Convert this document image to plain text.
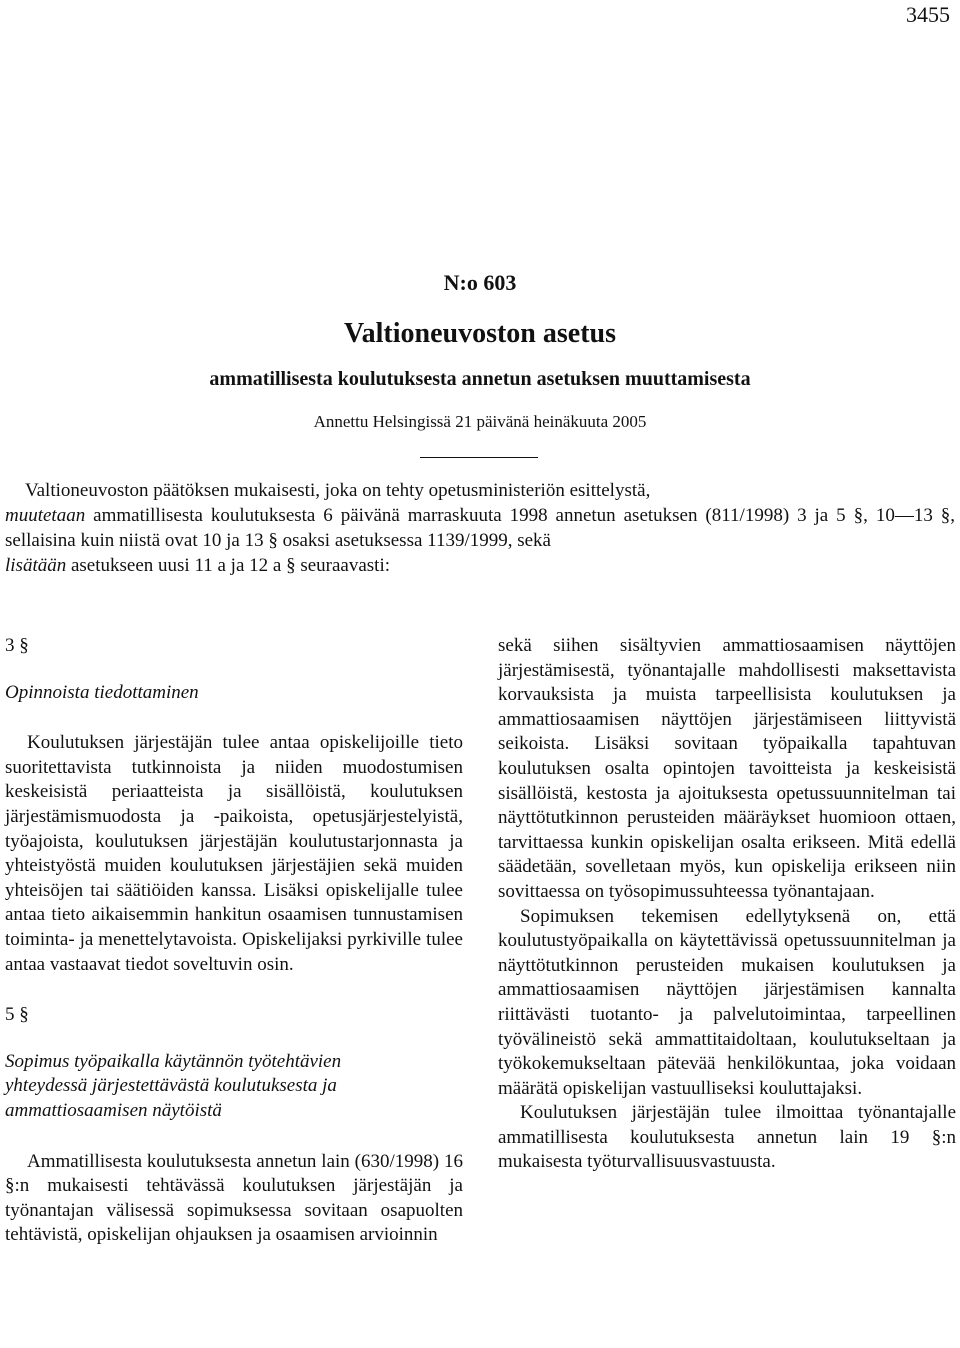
3455
N:o 603
Valtioneuvoston asetus
ammatillisesta koulutuksesta annetun asetuksen muuttamisesta
Annettu Helsingissä 21 päivänä heinäkuuta 2005

Valtioneuvoston päätöksen mukaisesti, joka on tehty opetusministeriön esittelystä,

muutetaan ammatillisesta koulutuksesta 6 päivänä marraskuuta 1998 annetun asetuksen (811/1998) 3 ja 5 §, 10—13 §, sellaisina kuin niistä ovat 10 ja 13 § osaksi asetuksessa 1139/1999, sekä

lisätään asetukseen uusi 11 a ja 12 a § seuraavasti:

3 §

Opinnoista tiedottaminen

Koulutuksen järjestäjän tulee antaa opiskelijoille tieto suoritettavista tutkinnoista ja niiden muodostumisen keskeisistä periaatteista ja sisällöistä, koulutuksen järjestämismuodosta ja -paikoista, opetusjärjestelyistä, työajoista, koulutuksen järjestäjän koulutustarjonnasta ja yhteistyöstä muiden koulutuksen järjestäjien sekä muiden yhteisöjen tai säätiöiden kanssa. Lisäksi opiskelijalle tulee antaa tieto aikaisemmin hankitun osaamisen tunnustamisen toiminta- ja menettelytavoista. Opiskelijaksi pyrkiville tulee antaa vastaavat tiedot soveltuvin osin.

5 §

Sopimus työpaikalla käytännön työtehtävien

yhteydessä järjestettävästä koulutuksesta ja

ammattiosaamisen näytöistä

Ammatillisesta koulutuksesta annetun lain (630/1998) 16 §:n mukaisesti tehtävässä koulutuksen järjestäjän ja työnantajan välisessä sopimuksessa sovitaan osapuolten tehtävistä, opiskelijan ohjauksen ja osaamisen arvioinnin

sekä siihen sisältyvien ammattiosaamisen näyttöjen järjestämisestä, työnantajalle mahdollisesti maksettavista korvauksista ja muista tarpeellisista koulutuksen ja ammattiosaamisen näyttöjen järjestämiseen liittyvistä seikoista. Lisäksi sovitaan työpaikalla tapahtuvan koulutuksen osalta opintojen tavoitteista ja keskeisistä sisällöistä, kestosta ja ajoituksesta opetussuunnitelman tai näyttötutkinnon perusteiden määräykset huomioon ottaen, tarvittaessa kunkin opiskelijan osalta erikseen. Mitä edellä säädetään, sovelletaan myös, kun opiskelija erikseen niin sovittaessa on työsopimussuhteessa työnantajaan.

Sopimuksen tekemisen edellytyksenä on, että koulutustyöpaikalla on käytettävissä opetussuunnitelman ja näyttötutkinnon perusteiden mukaisen koulutuksen ja ammattiosaamisen näyttöjen järjestämisen kannalta riittävästi tuotanto- ja palvelutoimintaa, tarpeellinen työvälineistö sekä ammattitaidoltaan, koulutukseltaan ja työkokemukseltaan pätevää henkilökuntaa, joka voidaan määrätä opiskelijan vastuulliseksi kouluttajaksi.

Koulutuksen järjestäjän tulee ilmoittaa työnantajalle ammatillisesta koulutuksesta annetun lain 19 §:n mukaisesta työturvallisuusvastuusta.
